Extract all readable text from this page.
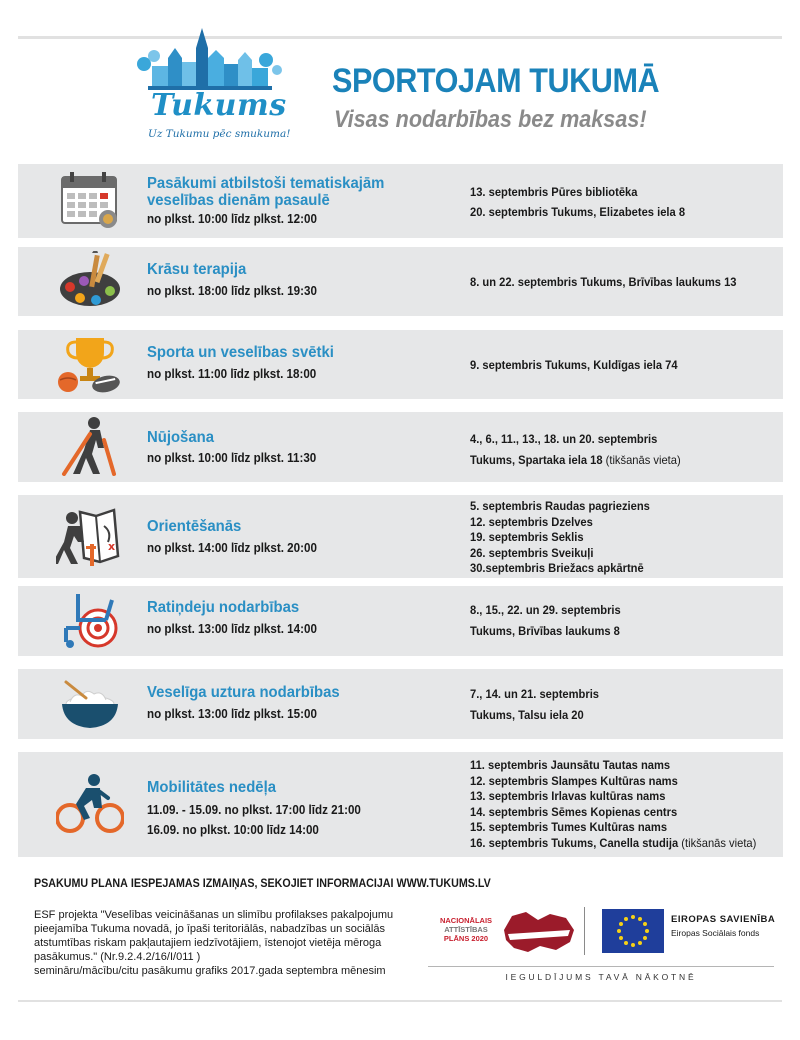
Tukums
Uz Tukumu pēc smukuma!
SPORTOJAM TUKUMĀ
Visas nodarbības bez maksas!
Pasākumi atbilstoši tematiskajām
veselības dienām pasaulē
no plkst. 10:00 līdz plkst. 12:00
13. septembris Pūres bibliotēka
20. septembris Tukums, Elizabetes iela 8
Krāsu terapija
no plkst. 18:00 līdz plkst. 19:30
8. un 22. septembris Tukums, Brīvības laukums 13
Sporta un veselības svētki
no plkst. 11:00 līdz plkst. 18:00
9. septembris Tukums, Kuldīgas iela 74
Nūjošana
no plkst. 10:00 līdz plkst. 11:30
4., 6., 11., 13., 18. un 20. septembris
Tukums, Spartaka iela 18 (tikšanās vieta)
x
Orientēšanās
no plkst. 14:00 līdz plkst. 20:00
5. septembris Raudas pagrieziens
12. septembris Dzelves
19. septembris Seklis
26. septembris Sveikuļi
30.septembris Briežacs apkārtnē
Ratiņdeju nodarbības
no plkst. 13:00 līdz plkst. 14:00
8., 15., 22. un 29. septembris
Tukums, Brīvības laukums 8
Veselīga uztura nodarbības
no plkst. 13:00 līdz plkst. 15:00
7., 14. un 21. septembris
Tukums, Talsu iela 20
Mobilitātes nedēļa
11.09. - 15.09. no plkst. 17:00 līdz 21:00
16.09. no plkst. 10:00 līdz 14:00
11. septembris Jaunsātu Tautas nams
12. septembris Slampes Kultūras nams
13. septembris Irlavas kultūras nams
14. septembris Sēmes Kopienas centrs
15. septembris Tumes Kultūras nams
16. septembris Tukums, Canella studija (tikšanās vieta)
PSĀKUMU PLĀNĀ IESPĒJAMAS IZMAIŅAS, SEKOJIET INFORMĀCIJAI WWW.TUKUMS.LV
ESF projekta "Veselības veicināšanas un slimību profilakses pakalpojumu pieejamība Tukuma novadā, jo īpaši teritoriālās, nabadzības un sociālās atstumtības riskam pakļautajiem iedzīvotājiem, īstenojot vietēja mēroga pasākumus." (Nr.9.2.4.2/16/I/011 )
semināru/mācību/citu pasākumu grafiks 2017.gada septembra mēnesim
NACIONĀLAIS
ATTĪSTĪBAS
PLĀNS 2020
EIROPAS SAVIENĪBA
Eiropas Sociālais fonds
IEGULDĪJUMS TAVĀ NĀKOTNĒ
